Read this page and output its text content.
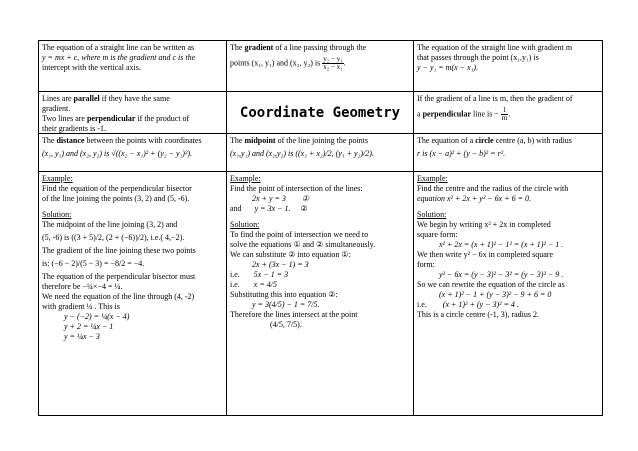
The equation of a straight line can be written as
y = mx + c, where m is the gradient and c is the
intercept with the vertical axis.
The gradient of a line passing through the
points (x₁, y₁) and (x₂, y₂) is $\frac{\text{y₂ − y₁}}{\text{x₂ − x₁}}$ .
The equation of the straight line with gradient m
that passes through the point (x₁,y₁) is
y − y₁ = m(x − x₁).
Lines are parallel if they have the same
gradient.
Two lines are perpendicular if the product of
their gradients is -1.
Coordinate Geometry
If the gradient of a line is m, then the gradient of
a perpendicular line is − $\frac{1}{m}$ .
The distance between the points with coordinates
(x₁, y₁) and (x₂, y₂) is √((x₂ − x₁)² + (y₂ − y₁)²).
The midpoint of the line joining the points
(x₁,y₁) and (x₂,y₂) is ((x₁ + x₂)/2, (y₁ + y₂)/2).
The equation of a circle centre (a, b) with radius
r is (x − a)² + (y − b)² = r².
Example:
Find the equation of the perpendicular bisector
of the line joining the points (3, 2) and (5, -6).
Solution:
The midpoint of the line joining (3, 2) and
(5, -6) is ((3 + 5)/2, (2 + (−6))/2), i.e.( 4,−2).
The gradient of the line joining these two points
is: (−6 − 2)/(5 − 3) = −8/2 = −4.
The equation of the perpendicular bisector must
therefore be −¼×−4 = ¼.
We need the equation of the line through (4, -2)
with gradient ¼ . This is
y − (−2) = ¼(x − 4)
y + 2 = ¼x − 1
y = ¼x − 3
Example:
Find the point of intersection of the lines:
2x + y = 3 ①
and y = 3x − 1. ②
Solution:
To find the point of intersection we need to
solve the equations ① and ② simultaneously.
We can substitute ② into equation ①:
2x + (3x − 1) = 3
i.e. 5x − 1 = 3
i.e. x = 4/5
Substituting this into equation ②:
y = 3(4/5) − 1 = 7/5.
Therefore the lines intersect at the point
(4/5, 7/5).
Example:
Find the centre and the radius of the circle with
equation x² + 2x + y² − 6x + 6 = 0.
Solution:
We begin by writing x² + 2x in completed
square form:
x² + 2x = (x + 1)² − 1² = (x + 1)² − 1 .
We then write y² − 6x in completed square
form:
y² − 6x = (y − 3)² − 3² = (y − 3)² − 9 .
So we can rewrite the equation of the circle as
(x + 1)² − 1 + (y − 3)² − 9 + 6 = 0
i.e. (x + 1)² + (y − 3)² = 4 .
This is a circle centre (-1, 3), radius 2.
